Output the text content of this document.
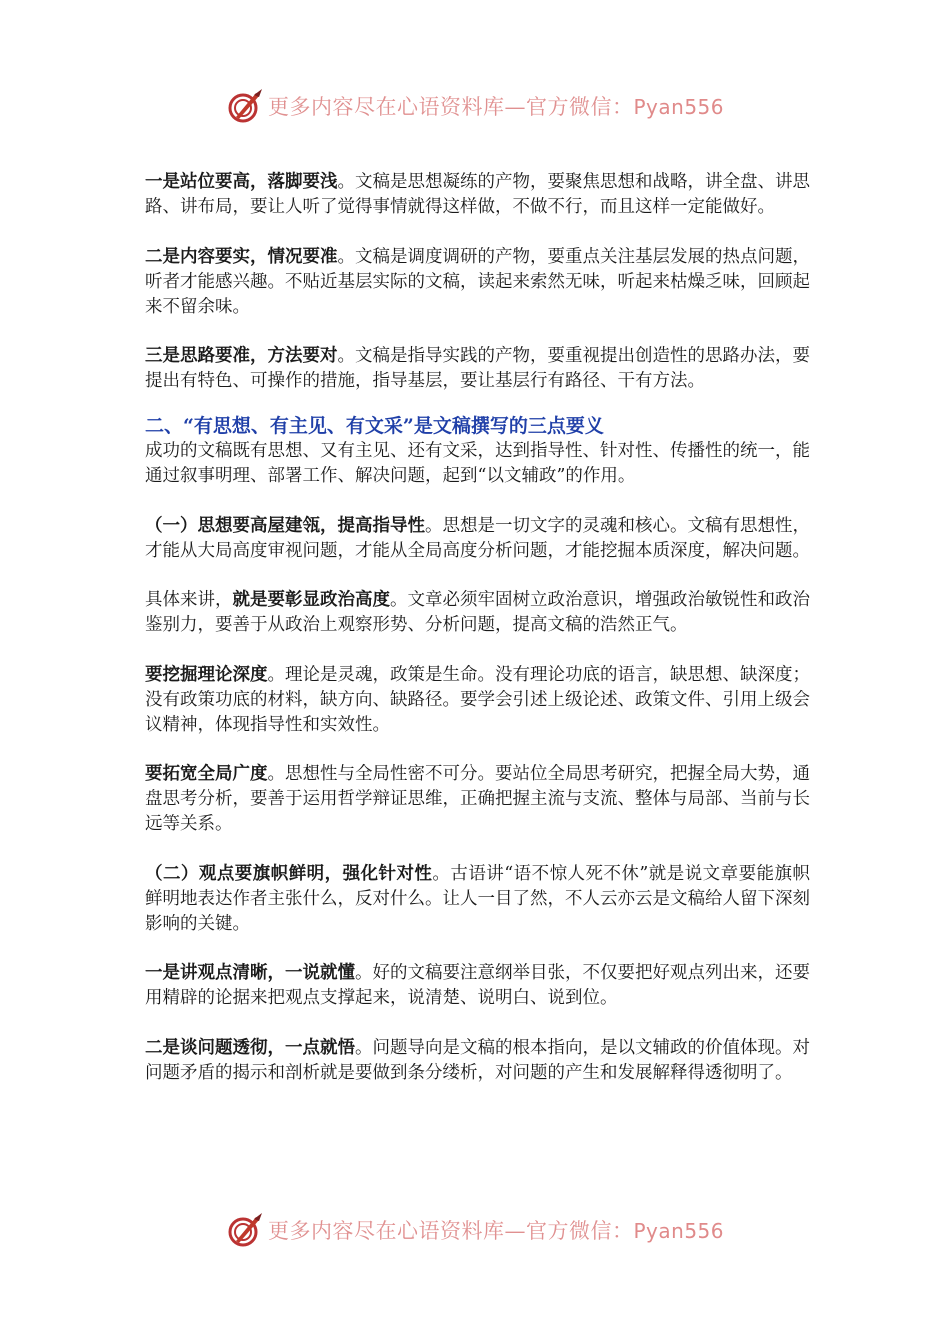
更多内容尽在心语资料库—官方微信：Pyan556

一是站位要高，落脚要浅。文稿是思想凝练的产物，要聚焦思想和战略，讲全盘、讲思路、讲布局，要让人听了觉得事情就得这样做，不做不行，而且这样一定能做好。

二是内容要实，情况要准。文稿是调度调研的产物，要重点关注基层发展的热点问题，听者才能感兴趣。不贴近基层实际的文稿，读起来索然无味，听起来枯燥乏味，回顾起来不留余味。

三是思路要准，方法要对。文稿是指导实践的产物，要重视提出创造性的思路办法，要提出有特色、可操作的措施，指导基层，要让基层行有路径、干有方法。

二、“有思想、有主见、有文采”是文稿撰写的三点要义

成功的文稿既有思想、又有主见、还有文采，达到指导性、针对性、传播性的统一，能通过叙事明理、部署工作、解决问题，起到“以文辅政”的作用。

（一）思想要高屋建瓴，提高指导性。思想是一切文字的灵魂和核心。文稿有思想性，才能从大局高度审视问题，才能从全局高度分析问题，才能挖掘本质深度，解决问题。

具体来讲，就是要彰显政治高度。文章必须牢固树立政治意识，增强政治敏锐性和政治鉴别力，要善于从政治上观察形势、分析问题，提高文稿的浩然正气。

要挖掘理论深度。理论是灵魂，政策是生命。没有理论功底的语言，缺思想、缺深度；没有政策功底的材料，缺方向、缺路径。要学会引述上级论述、政策文件、引用上级会议精神，体现指导性和实效性。

要拓宽全局广度。思想性与全局性密不可分。要站位全局思考研究，把握全局大势，通盘思考分析，要善于运用哲学辩证思维，正确把握主流与支流、整体与局部、当前与长远等关系。

（二）观点要旗帜鲜明，强化针对性。古语讲“语不惊人死不休”就是说文章要能旗帜鲜明地表达作者主张什么，反对什么。让人一目了然，不人云亦云是文稿给人留下深刻影响的关键。

一是讲观点清晰，一说就懂。好的文稿要注意纲举目张，不仅要把好观点列出来，还要用精辟的论据来把观点支撑起来，说清楚、说明白、说到位。

二是谈问题透彻，一点就悟。问题导向是文稿的根本指向，是以文辅政的价值体现。对问题矛盾的揭示和剖析就是要做到条分缕析，对问题的产生和发展解释得透彻明了。

更多内容尽在心语资料库—官方微信：Pyan556
